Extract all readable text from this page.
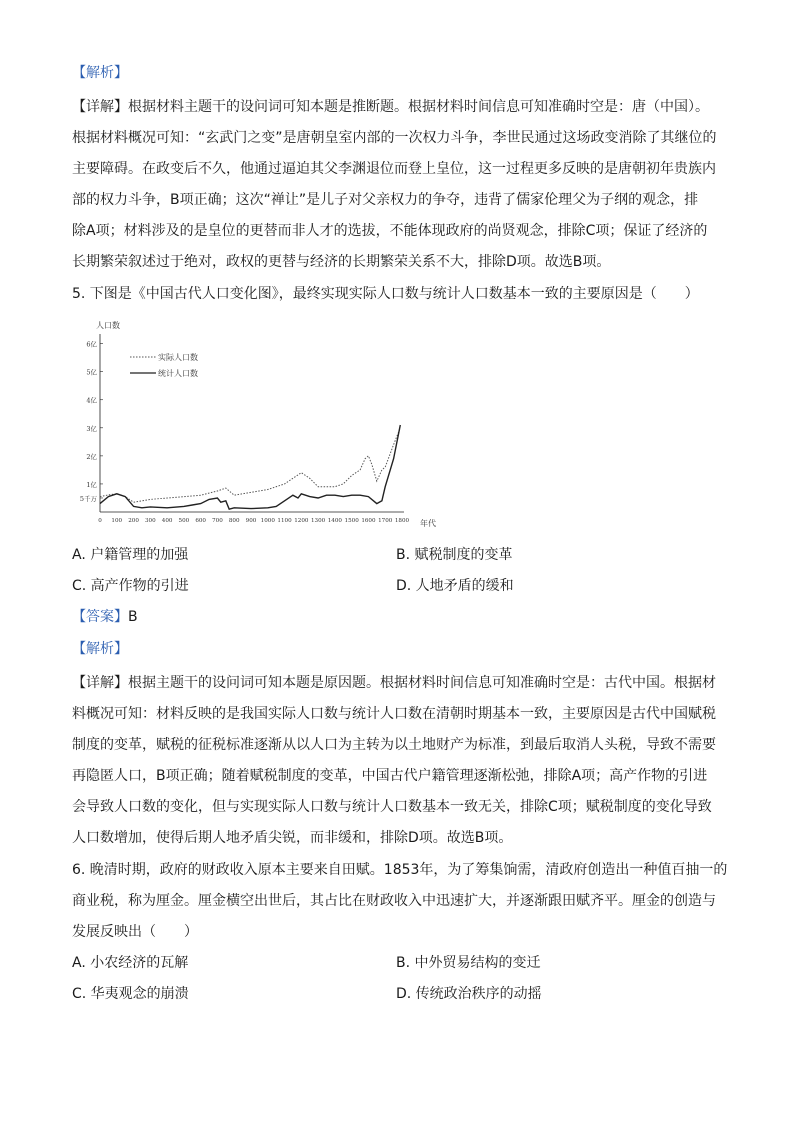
【解析】
【详解】根据材料主题干的设问词可知本题是推断题。根据材料时间信息可知准确时空是：唐（中国）。
根据材料概况可知：“玄武门之变”是唐朝皇室内部的一次权力斗争，李世民通过这场政变消除了其继位的
主要障碍。在政变后不久，他通过逼迫其父李渊退位而登上皇位，这一过程更多反映的是唐朝初年贵族内
部的权力斗争，B项正确；这次“禅让”是儿子对父亲权力的争夺，违背了儒家伦理父为子纲的观念，排
除A项；材料涉及的是皇位的更替而非人才的选拔，不能体现政府的尚贤观念，排除C项；保证了经济的
长期繁荣叙述过于绝对，政权的更替与经济的长期繁荣关系不大，排除D项。故选B项。
5. 下图是《中国古代人口变化图》，最终实现实际人口数与统计人口数基本一致的主要原因是（　　）
人口数
年代
5千万
1亿
2亿
3亿
4亿
5亿
6亿
0 100 200 300 400 500 600 700 800 900 1000 1100 1200 1300 1400 1500 1600 1700 1800
实际人口数
统计人口数
A. 户籍管理的加强	B. 赋税制度的变革
C. 高产作物的引进	D. 人地矛盾的缓和
【答案】B
【解析】
【详解】根据主题干的设问词可知本题是原因题。根据材料时间信息可知准确时空是：古代中国。根据材
料概况可知：材料反映的是我国实际人口数与统计人口数在清朝时期基本一致，主要原因是古代中国赋税
制度的变革，赋税的征税标准逐渐从以人口为主转为以土地财产为标准，到最后取消人头税，导致不需要
再隐匿人口，B项正确；随着赋税制度的变革，中国古代户籍管理逐渐松弛，排除A项；高产作物的引进
会导致人口数的变化，但与实现实际人口数与统计人口数基本一致无关，排除C项；赋税制度的变化导致
人口数增加，使得后期人地矛盾尖锐，而非缓和，排除D项。故选B项。
6. 晚清时期，政府的财政收入原本主要来自田赋。1853年，为了筹集饷需，清政府创造出一种值百抽一的
商业税，称为厘金。厘金横空出世后，其占比在财政收入中迅速扩大，并逐渐跟田赋齐平。厘金的创造与
发展反映出（　　）
A. 小农经济的瓦解	B. 中外贸易结构的变迁
C. 华夷观念的崩溃	D. 传统政治秩序的动摇
